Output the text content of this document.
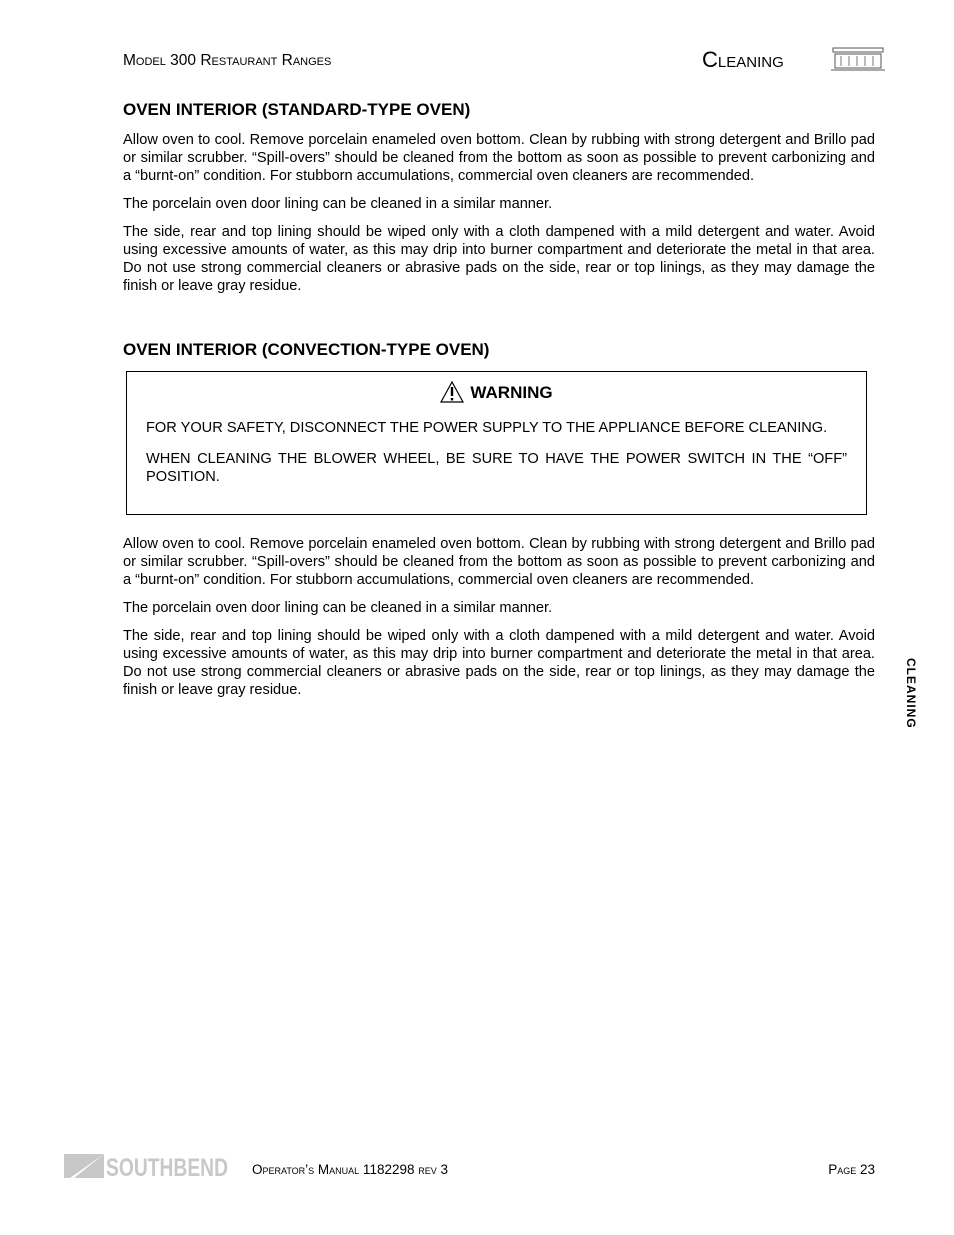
Model 300 Restaurant Ranges	Cleaning
OVEN INTERIOR (STANDARD-TYPE OVEN)

Allow oven to cool. Remove porcelain enameled oven bottom. Clean by rubbing with strong detergent and Brillo pad or similar scrubber. “Spill-overs” should be cleaned from the bottom as soon as possible to prevent carbonizing and a “burnt-on” condition. For stubborn accumulations, commercial oven cleaners are recommended.

The porcelain oven door lining can be cleaned in a similar manner.

The side, rear and top lining should be wiped only with a cloth dampened with a mild detergent and water. Avoid using excessive amounts of water, as this may drip into burner compartment and deteriorate the metal in that area. Do not use strong commercial cleaners or abrasive pads on the side, rear or top linings, as they may damage the finish or leave gray residue.

OVEN INTERIOR (CONVECTION-TYPE OVEN)
WARNING

FOR YOUR SAFETY, DISCONNECT THE POWER SUPPLY TO THE APPLIANCE BEFORE CLEANING.

WHEN CLEANING THE BLOWER WHEEL, BE SURE TO HAVE THE POWER SWITCH IN THE “OFF” POSITION.

Allow oven to cool. Remove porcelain enameled oven bottom. Clean by rubbing with strong detergent and Brillo pad or similar scrubber. “Spill-overs” should be cleaned from the bottom as soon as possible to prevent carbonizing and a “burnt-on” condition. For stubborn accumulations, commercial oven cleaners are recommended.

The porcelain oven door lining can be cleaned in a similar manner.

The side, rear and top lining should be wiped only with a cloth dampened with a mild detergent and water. Avoid using excessive amounts of water, as this may drip into burner compartment and deteriorate the metal in that area. Do not use strong commercial cleaners or abrasive pads on the side, rear or top linings, as they may damage the finish or leave gray residue.	CLEANING
SOUTHBEND Operator’s Manual 1182298 rev 3	Page 23
